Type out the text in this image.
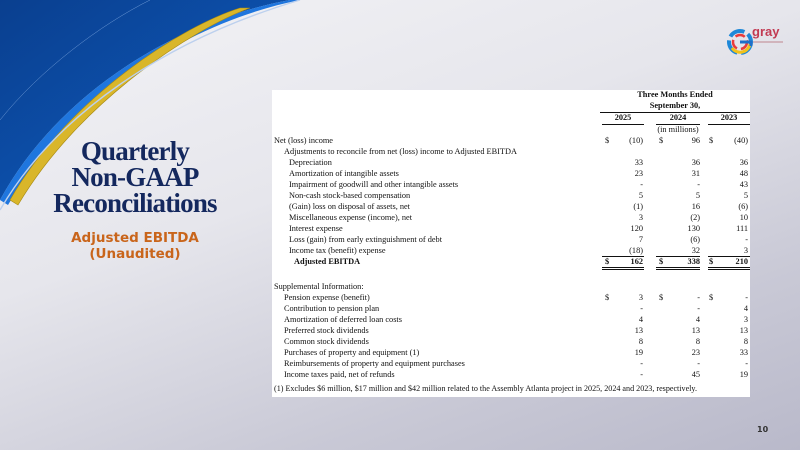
Quarterly
Non-GAAP
Reconciliations
Adjusted EBITDA
(Unaudited)
gray
Three Months Ended
September 30,
2025	2024	2023
(in millions)
Net (loss) income	$	(10) $	96 $	(40)
Adjustments to reconcile from net (loss) income to Adjusted EBITDA
Depreciation	33	36	36
Amortization of intangible assets	23	31	48
Impairment of goodwill and other intangible assets	-	-	43
Non-cash stock-based compensation	5	5	5
(Gain) loss on disposal of assets, net	(1)	16	(6)
Miscellaneous expense (income), net	3	(2)	10
Interest expense	120	130	111
Loss (gain) from early extinguishment of debt	7	(6)	-
Income tax (benefit) expense	(18)	32	3
Adjusted EBITDA	$	162 $	338 $	210
Supplemental Information:
Pension expense (benefit)	$	3 $	- $	-
Contribution to pension plan	-	-	4
Amortization of deferred loan costs	4	4	3
Preferred stock dividends	13	13	13
Common stock dividends	8	8	8
Purchases of property and equipment (1)	19	23	33
Reimbursements of property and equipment purchases	-	-	-
Income taxes paid, net of refunds	-	45	19
(1) Excludes $6 million, $17 million and $42 million related to the Assembly Atlanta project in 2025, 2024 and 2023, respectively.
10
